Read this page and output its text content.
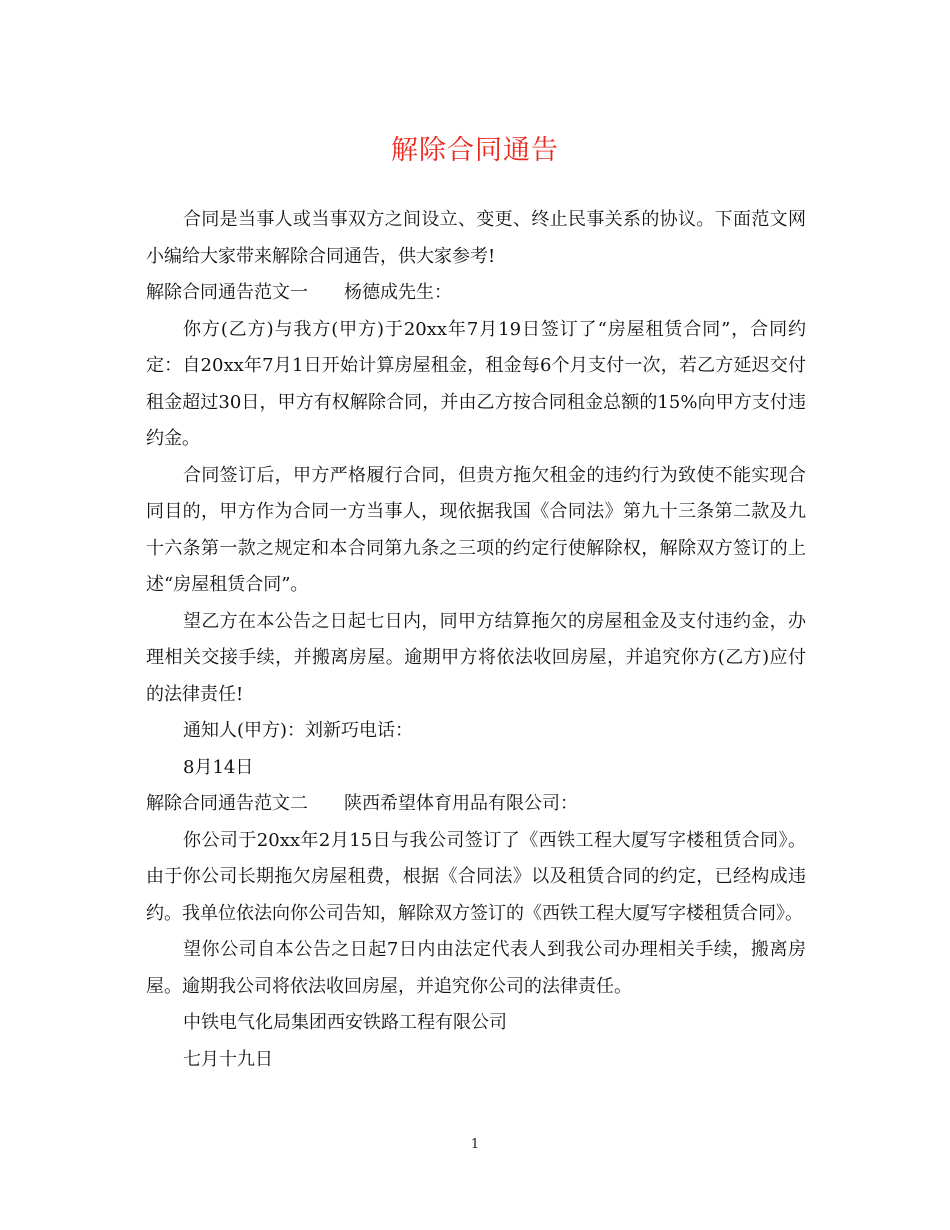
解除合同通告

合同是当事人或当事双方之间设立、变更、终止民事关系的协议。下面范文网小编给大家带来解除合同通告，供大家参考!

解除合同通告范文一 杨德成先生：

你方(乙方)与我方(甲方)于20xx年7月19日签订了“房屋租赁合同”，合同约定：自20xx年7月1日开始计算房屋租金，租金每6个月支付一次，若乙方延迟交付租金超过30日，甲方有权解除合同，并由乙方按合同租金总额的15%向甲方支付违约金。

合同签订后，甲方严格履行合同，但贵方拖欠租金的违约行为致使不能实现合同目的，甲方作为合同一方当事人，现依据我国《合同法》第九十三条第二款及九十六条第一款之规定和本合同第九条之三项的约定行使解除权，解除双方签订的上述“房屋租赁合同”。

望乙方在本公告之日起七日内，同甲方结算拖欠的房屋租金及支付违约金，办理相关交接手续，并搬离房屋。逾期甲方将依法收回房屋，并追究你方(乙方)应付的法律责任!

通知人(甲方)：刘新巧电话：

8月14日

解除合同通告范文二 陕西希望体育用品有限公司：

你公司于20xx年2月15日与我公司签订了《西铁工程大厦写字楼租赁合同》。由于你公司长期拖欠房屋租费，根据《合同法》以及租赁合同的约定，已经构成违约。我单位依法向你公司告知，解除双方签订的《西铁工程大厦写字楼租赁合同》。

望你公司自本公告之日起7日内由法定代表人到我公司办理相关手续，搬离房屋。逾期我公司将依法收回房屋，并追究你公司的法律责任。

中铁电气化局集团西安铁路工程有限公司

七月十九日

1
